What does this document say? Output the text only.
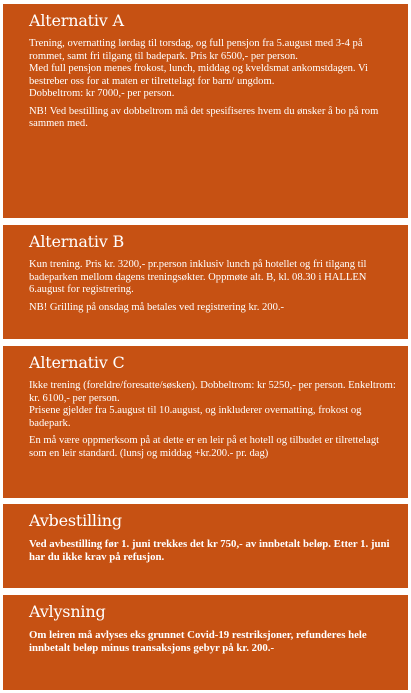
Alternativ A

Trening, overnatting lørdag til torsdag, og full pensjon fra 5.august med 3-4 på rommet, samt fri tilgang til badepark. Pris kr 6500,- per person.

Med full pensjon menes frokost, lunch, middag og kveldsmat ankomstdagen. Vi bestreber oss for at maten er tilrettelagt for barn/ ungdom.

Dobbeltrom: kr 7000,- per person.

NB! Ved bestilling av dobbeltrom må det spesifiseres hvem du ønsker å bo på rom sammen med.

Alternativ B

Kun trening. Pris kr. 3200,- pr.person inklusiv lunch på hotellet og fri tilgang til badeparken mellom dagens treningsøkter. Oppmøte alt. B, kl. 08.30 i HALLEN 6.august for registrering.

NB! Grilling på onsdag må betales ved registrering kr. 200.-

Alternativ C

Ikke trening (foreldre/foresatte/søsken). Dobbeltrom: kr 5250,- per person. Enkeltrom: kr. 6100,- per person.

Prisene gjelder fra 5.august til 10.august, og inkluderer overnatting, frokost og badepark.

En må være oppmerksom på at dette er en leir på et hotell og tilbudet er tilrettelagt som en leir standard. (lunsj og middag +kr.200.- pr. dag)

Avbestilling

Ved avbestilling før 1. juni trekkes det kr 750,- av innbetalt beløp. Etter 1. juni har du ikke krav på refusjon.

Avlysning

Om leiren må avlyses eks grunnet Covid-19 restriksjoner, refunderes hele innbetalt beløp minus transaksjons gebyr på kr. 200.-
